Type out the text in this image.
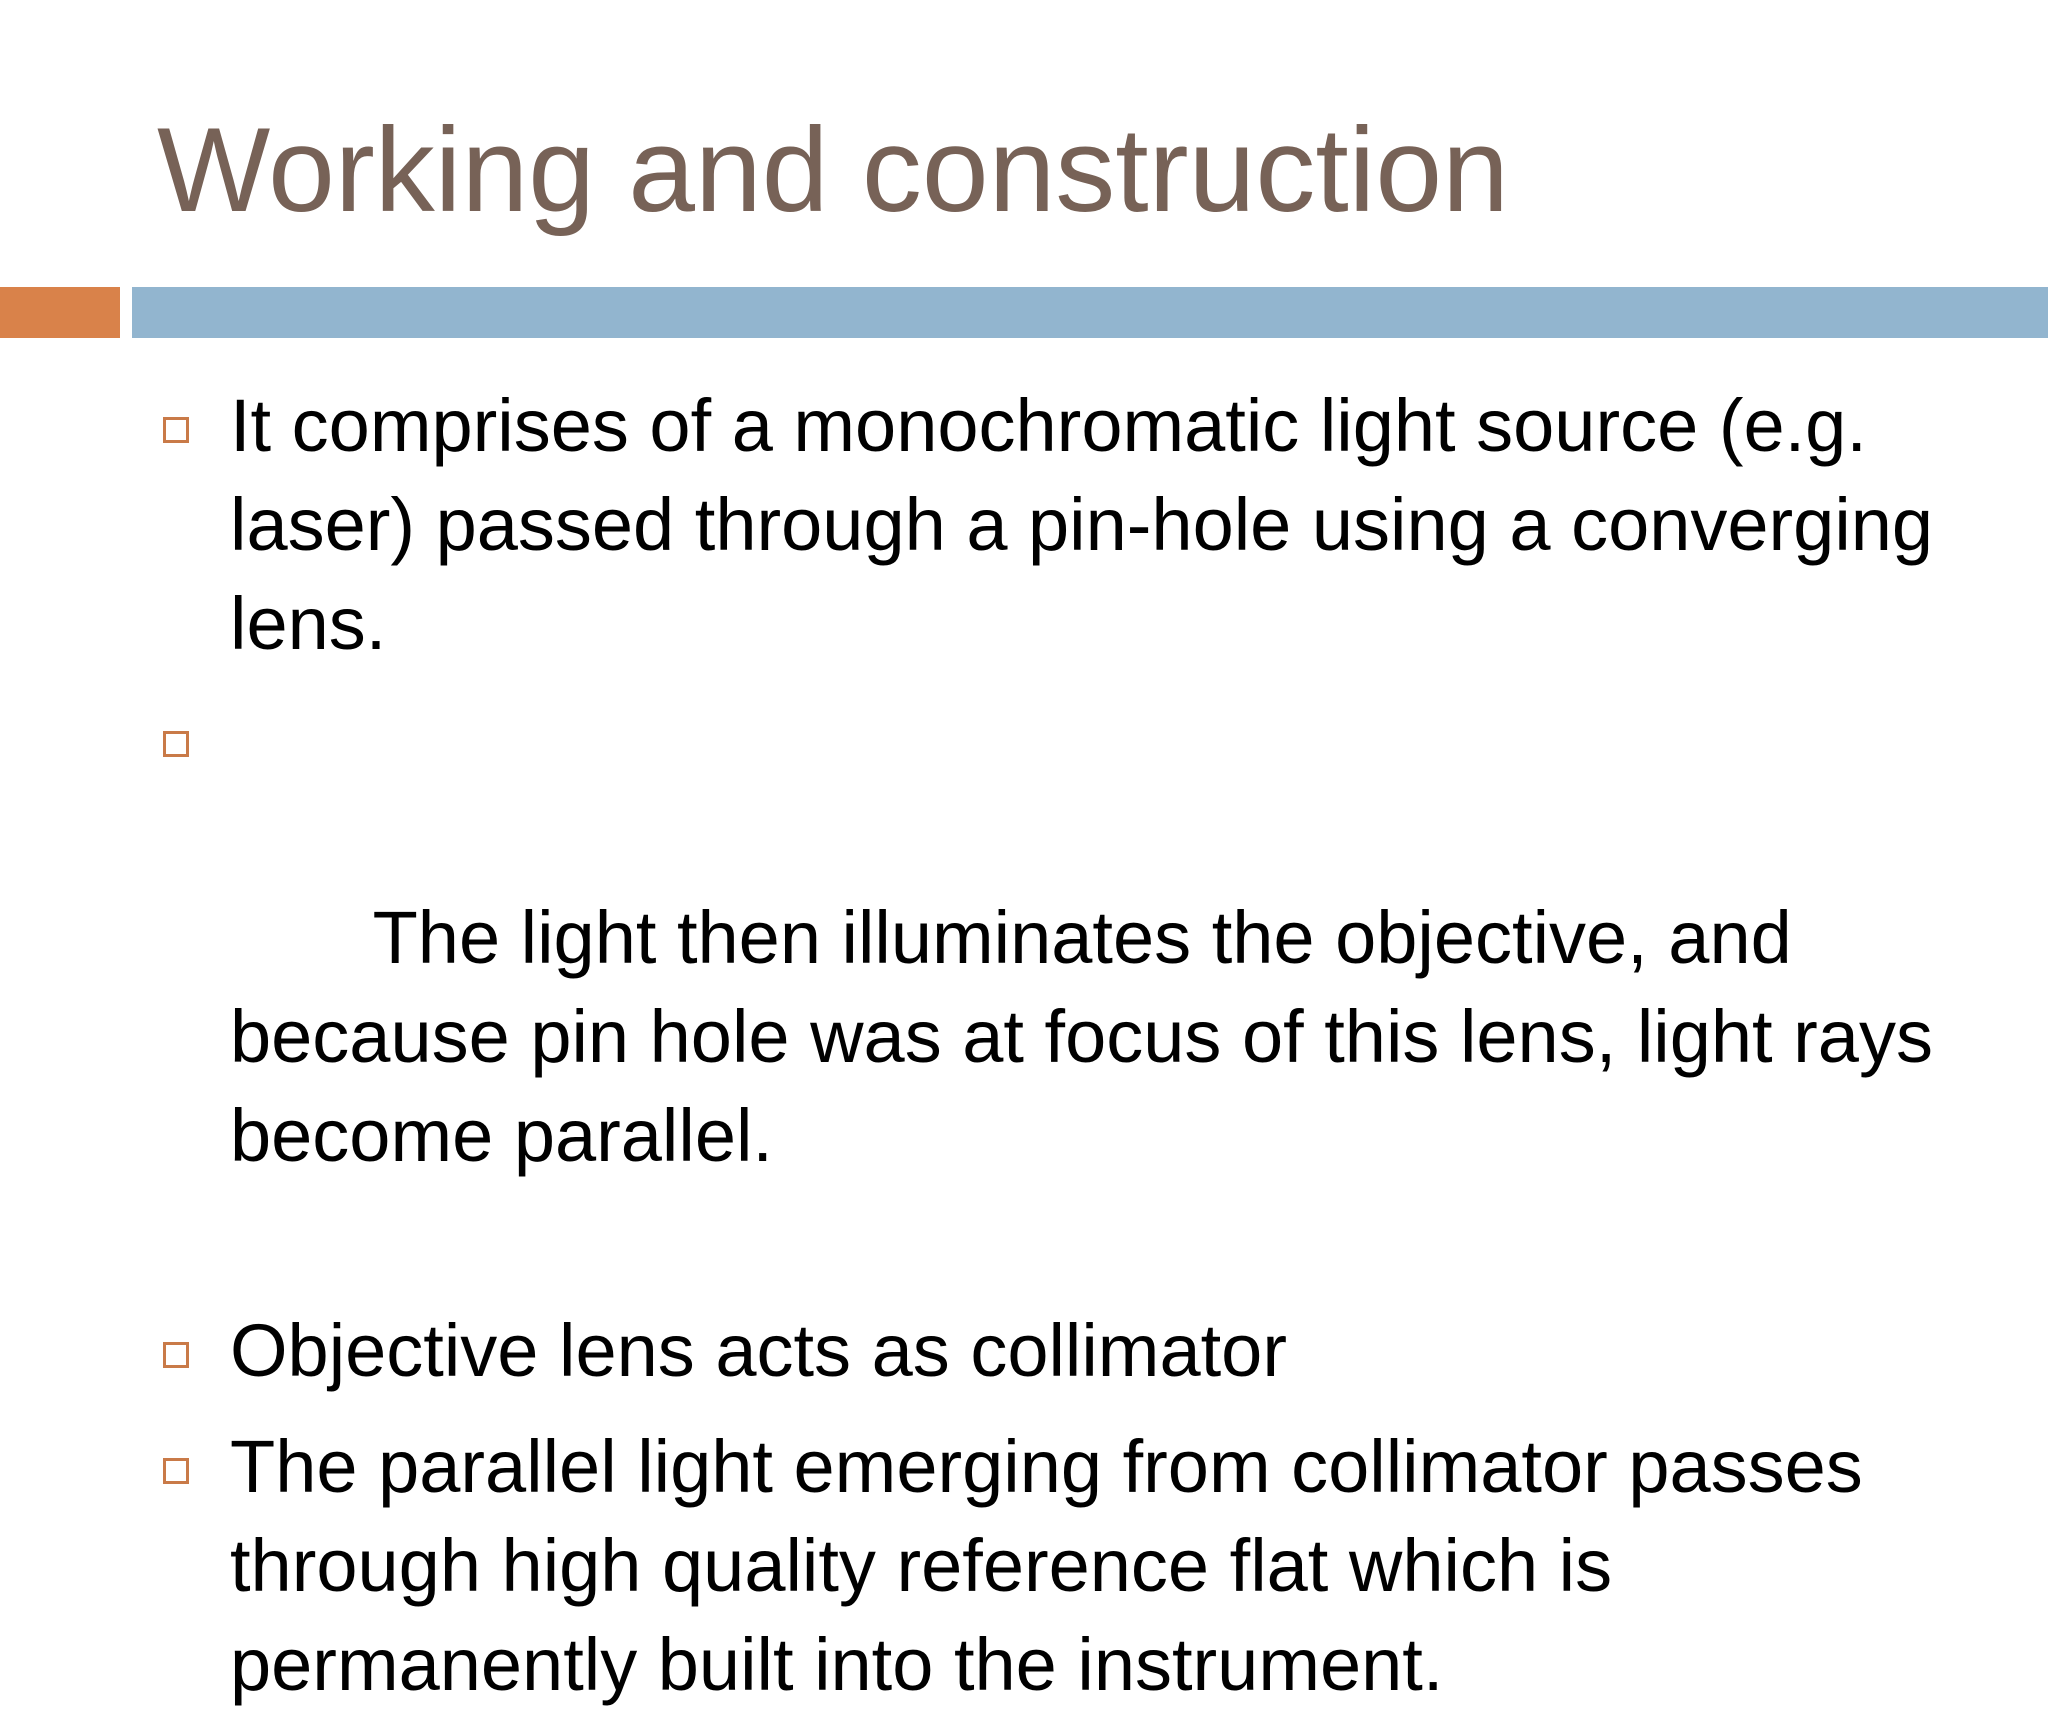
Working and construction
It comprises of a monochromatic light source (e.g. laser) passed through a pin-hole using a converging lens.

The light then illuminates the objective, and because pin hole was at focus of this lens, light rays become parallel.

Objective lens acts as collimator
The parallel light emerging from collimator passes through high quality reference flat which is permanently built into the instrument.
